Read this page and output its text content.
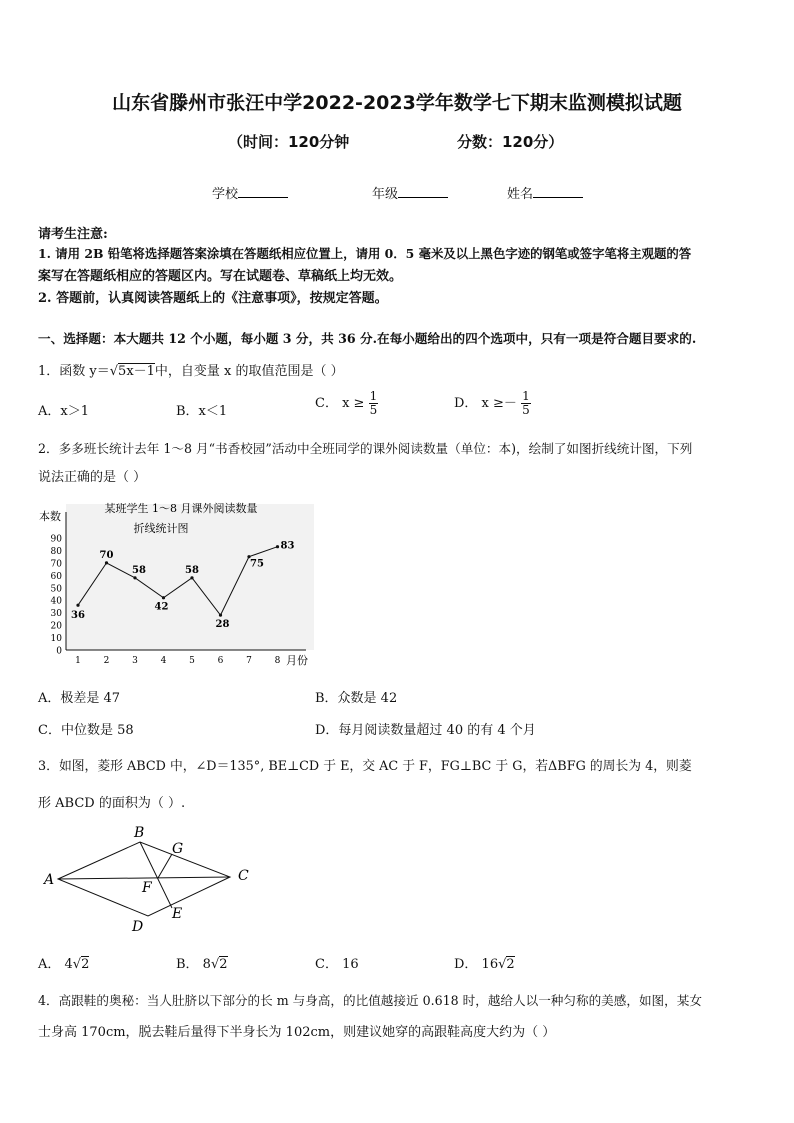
山东省滕州市张汪中学2022-2023学年数学七下期末监测模拟试题
（时间：120分钟	分数：120分）
学校	年级	姓名
请考生注意:
1. 请用 2B 铅笔将选择题答案涂填在答题纸相应位置上，请用 0．5 毫米及以上黑色字迹的钢笔或签字笔将主观题的答
案写在答题纸相应的答题区内。写在试题卷、草稿纸上均无效。
2. 答题前，认真阅读答题纸上的《注意事项》，按规定答题。
一、选择题：本大题共 12 个小题，每小题 3 分，共 36 分.在每小题给出的四个选项中，只有一项是符合题目要求的.
1．函数 y＝√5x－1中，自变量 x 的取值范围是（ ）
A．x＞1	B．x＜1
C． $x \ge \frac{1}{5}$	D． $x \ge- \frac{1}{5}$
2．多多班长统计去年 1～8 月“书香校园”活动中全班同学的课外阅读数量（单位：本)，绘制了如图折线统计图，下列
说法正确的是（ ）
某班学生 1～8 月课外阅读数量
折线统计图
本数
月份
0
10
20
30
40
50
60
70
80
90
1	2	3	4	5	6	7	8
36
70
58
42
58
28
75
83
A．极差是 47	B．众数是 42
C．中位数是 58	D．每月阅读数量超过 40 的有 4 个月
3．如图，菱形 ABCD 中，∠D＝135°, BE⊥CD 于 E，交 AC 于 F，FG⊥BC 于 G，若ΔBFG 的周长为 4，则菱
形 ABCD 的面积为（ ）.
A
B
C
D
E
F
G
A． 4√2	B． 8√2	C． 16	D． 16√2
4．高跟鞋的奥秘：当人肚脐以下部分的长 m 与身高，的比值越接近 0.618 时，越给人以一种匀称的美感，如图，某女
士身高 170cm，脱去鞋后量得下半身长为 102cm，则建议她穿的高跟鞋高度大约为（ ）
